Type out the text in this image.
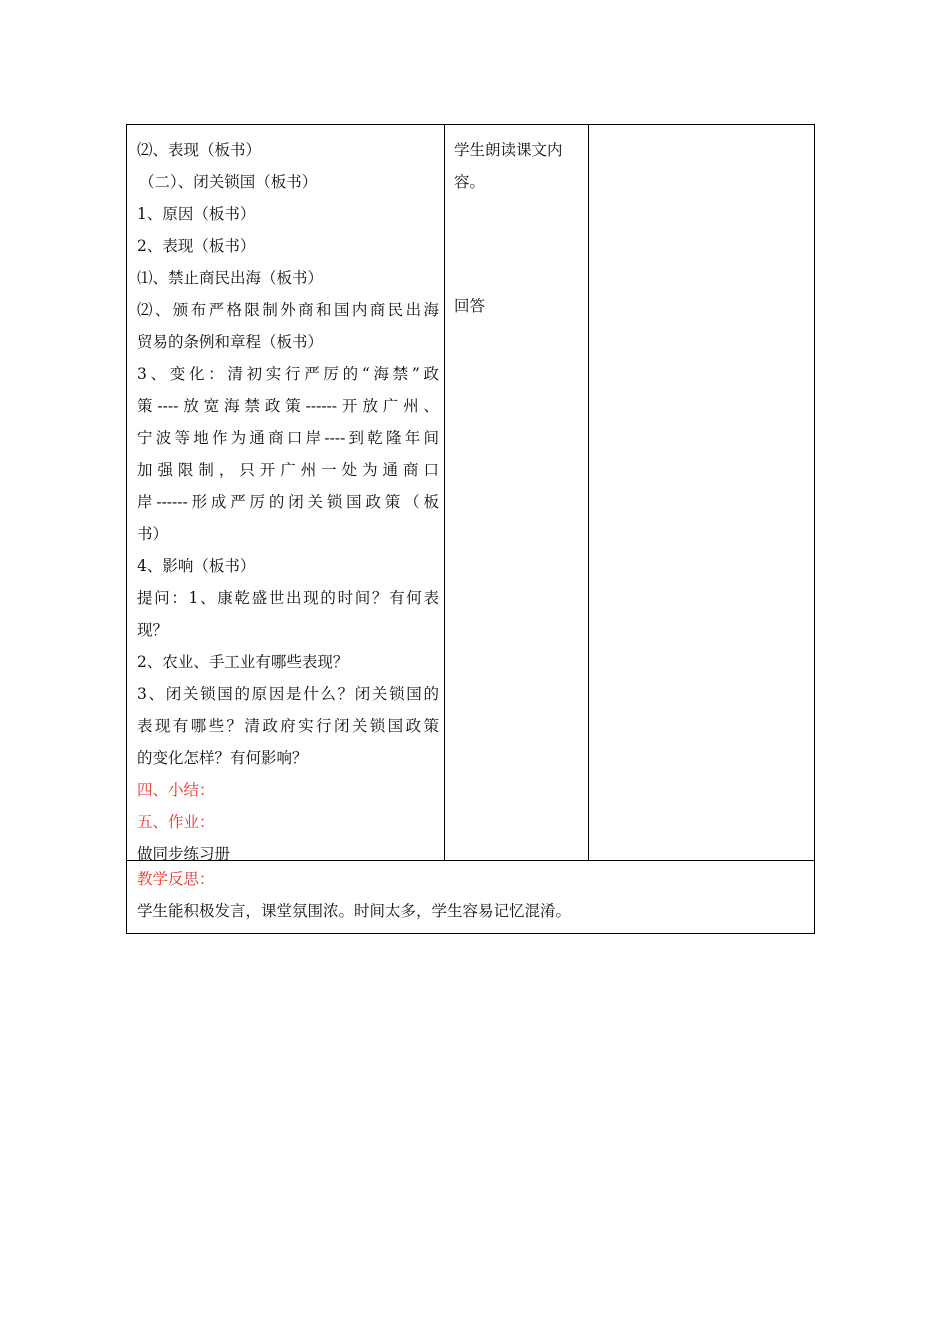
⑵、表现（板书）
（二）、闭关锁国（板书）
1、原因（板书）
2、表现（板书）
⑴、禁止商民出海（板书）
⑵、颁布严格限制外商和国内商民出海
贸易的条例和章程（板书）
3、变化：清初实行严厉的“海禁”政
策----放宽海禁政策------开放广州、
宁波等地作为通商口岸----到乾隆年间
加强限制，只开广州一处为通商口
岸------形成严厉的闭关锁国政策（板
书）
4、影响（板书）
提问：1、康乾盛世出现的时间？有何表
现？
2、农业、手工业有哪些表现？
3、闭关锁国的原因是什么？闭关锁国的
表现有哪些？清政府实行闭关锁国政策
的变化怎样？有何影响？
四、小结：
五、作业：
做同步练习册
学生朗读课文内
容。
回答
教学反思：
学生能积极发言，课堂氛围浓。时间太多，学生容易记忆混淆。
